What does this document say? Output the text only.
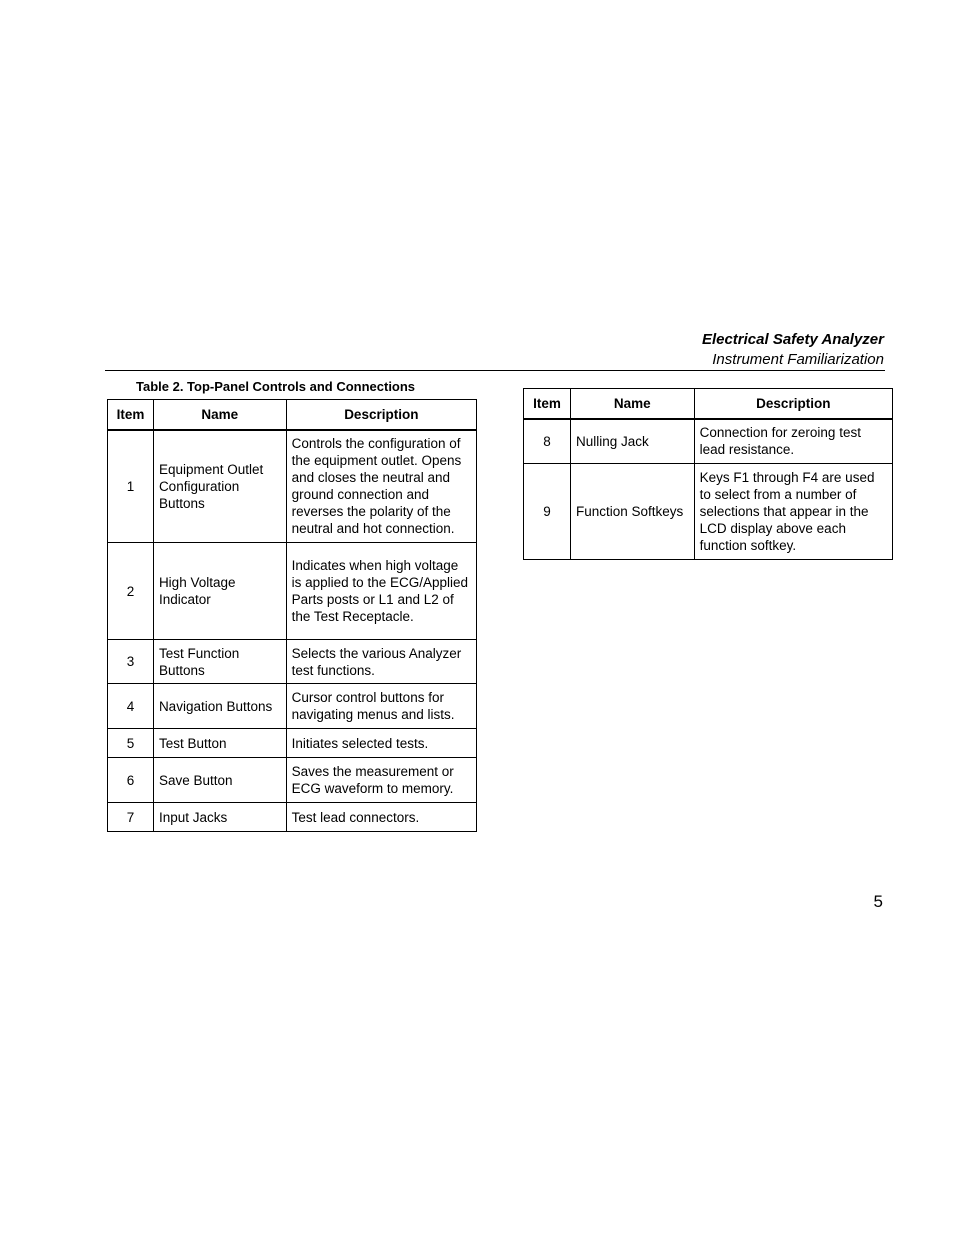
Electrical Safety Analyzer
Instrument Familiarization
Table 2. Top-Panel Controls and Connections
Item	Name	Description
1	Equipment Outlet Configuration Buttons	Controls the configuration of the equipment outlet. Opens and closes the neutral and ground connection and reverses the polarity of the neutral and hot connection.
2	High Voltage Indicator	Indicates when high voltage is applied to the ECG/Applied Parts posts or L1 and L2 of the Test Receptacle.
3	Test Function Buttons	Selects the various Analyzer test functions.
4	Navigation Buttons	Cursor control buttons for navigating menus and lists.
5	Test Button	Initiates selected tests.
6	Save Button	Saves the measurement or ECG waveform to memory.
7	Input Jacks	Test lead connectors.
Item	Name	Description
8	Nulling Jack	Connection for zeroing test lead resistance.
9	Function Softkeys	Keys F1 through F4 are used to select from a number of selections that appear in the LCD display above each function softkey.
5
